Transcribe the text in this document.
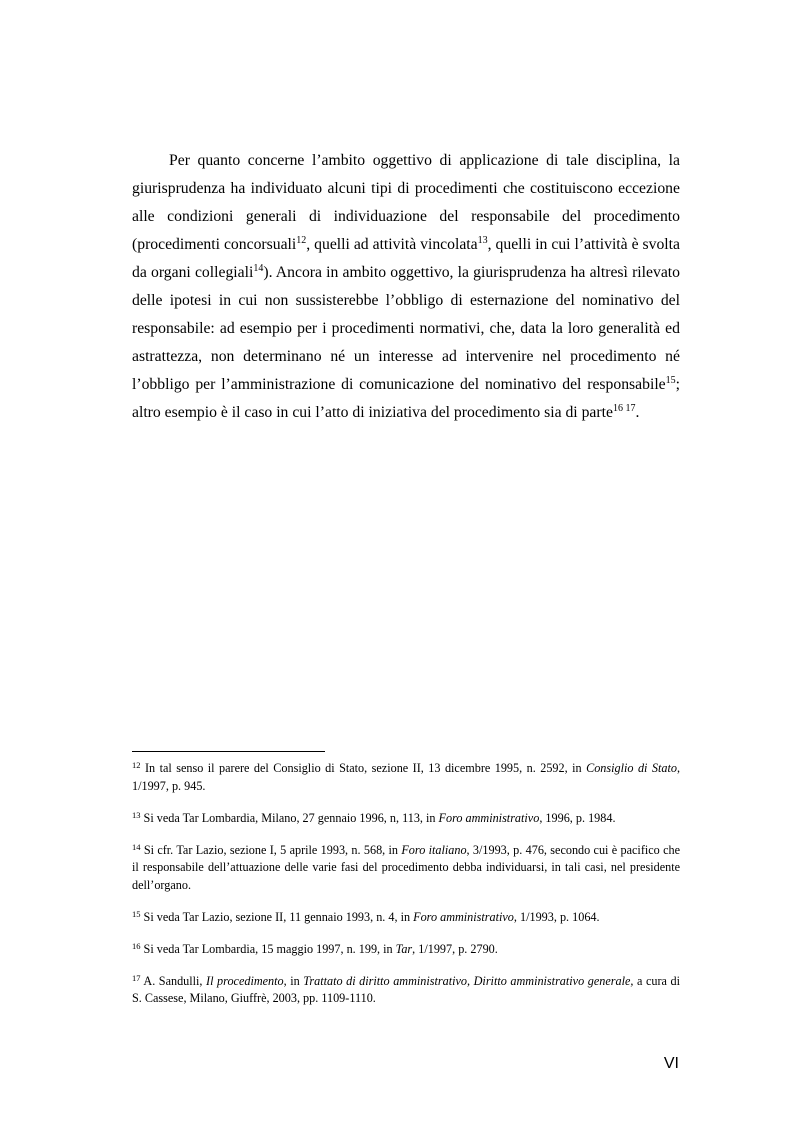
Per quanto concerne l’ambito oggettivo di applicazione di tale disciplina, la giurisprudenza ha individuato alcuni tipi di procedimenti che costituiscono eccezione alle condizioni generali di individuazione del responsabile del procedimento (procedimenti concorsuali$^{12}$, quelli ad attività vincolata$^{13}$, quelli in cui l’attività è svolta da organi collegiali$^{14}$). Ancora in ambito oggettivo, la giurisprudenza ha altresì rilevato delle ipotesi in cui non sussisterebbe l’obbligo di esternazione del nominativo del responsabile: ad esempio per i procedimenti normativi, che, data la loro generalità ed astrattezza, non determinano né un interesse ad intervenire nel procedimento né l’obbligo per l’amministrazione di comunicazione del nominativo del responsabile$^{15}$; altro esempio è il caso in cui l’atto di iniziativa del procedimento sia di parte$^{16 17}$.

$^{12}$ In tal senso il parere del Consiglio di Stato, sezione II, 13 dicembre 1995, n. 2592, in Consiglio di Stato, 1/1997, p. 945.

$^{13}$ Si veda Tar Lombardia, Milano, 27 gennaio 1996, n, 113, in Foro amministrativo, 1996, p. 1984.

$^{14}$ Si cfr. Tar Lazio, sezione I, 5 aprile 1993, n. 568, in Foro italiano, 3/1993, p. 476, secondo cui è pacifico che il responsabile dell’attuazione delle varie fasi del procedimento debba individuarsi, in tali casi, nel presidente dell’organo.

$^{15}$ Si veda Tar Lazio, sezione II, 11 gennaio 1993, n. 4, in Foro amministrativo, 1/1993, p. 1064.

$^{16}$ Si veda Tar Lombardia, 15 maggio 1997, n. 199, in Tar, 1/1997, p. 2790.

$^{17}$ A. Sandulli, Il procedimento, in Trattato di diritto amministrativo, Diritto amministrativo generale, a cura di S. Cassese, Milano, Giuffrè, 2003, pp. 1109-1110.

VI
